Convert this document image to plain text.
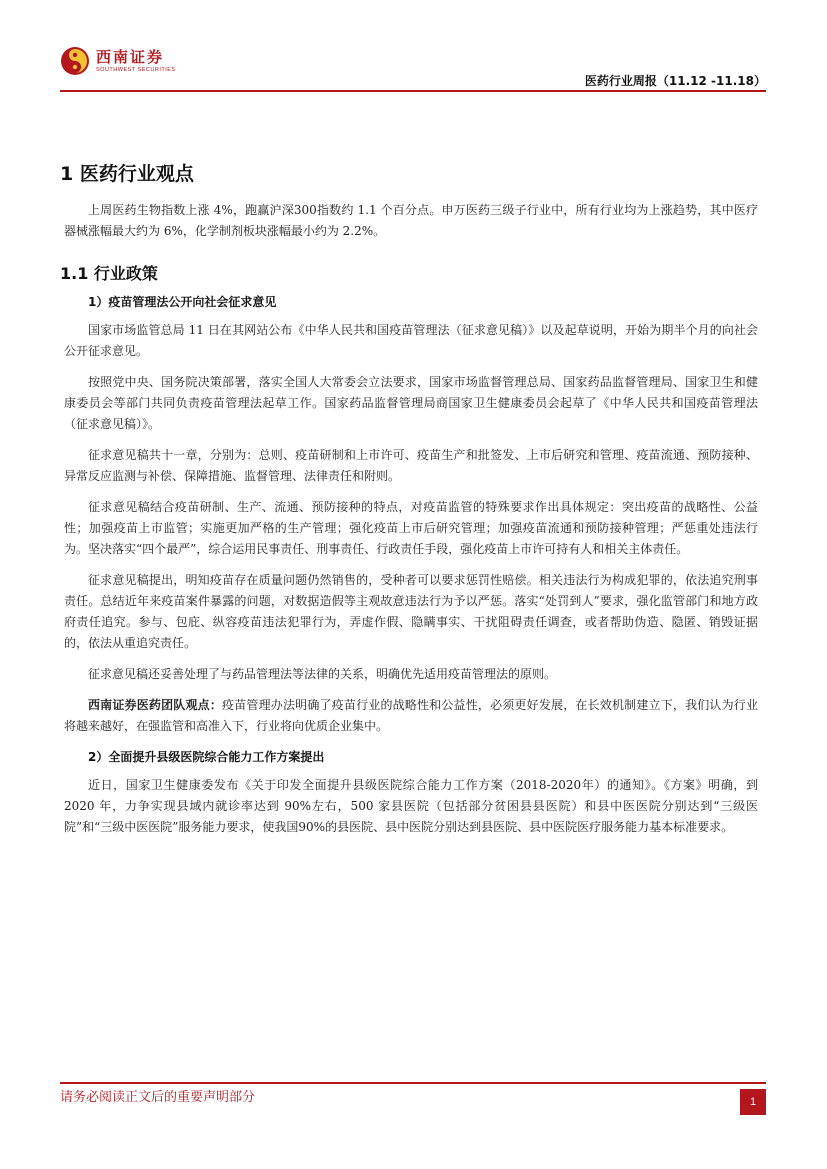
西南证券
SOUTHWEST SECURITIES
医药行业周报（11.12 -11.18）
1 医药行业观点

上周医药生物指数上涨 4%，跑赢沪深300指数约 1.1 个百分点。申万医药三级子行业中，所有行业均为上涨趋势，其中医疗器械涨幅最大约为 6%，化学制剂板块涨幅最小约为 2.2%。

1.1 行业政策
1）疫苗管理法公开向社会征求意见

国家市场监管总局 11 日在其网站公布《中华人民共和国疫苗管理法（征求意见稿）》以及起草说明，开始为期半个月的向社会公开征求意见。

按照党中央、国务院决策部署，落实全国人大常委会立法要求，国家市场监督管理总局、国家药品监督管理局、国家卫生和健康委员会等部门共同负责疫苗管理法起草工作。国家药品监督管理局商国家卫生健康委员会起草了《中华人民共和国疫苗管理法（征求意见稿）》。

征求意见稿共十一章，分别为：总则、疫苗研制和上市许可、疫苗生产和批签发、上市后研究和管理、疫苗流通、预防接种、异常反应监测与补偿、保障措施、监督管理、法律责任和附则。

征求意见稿结合疫苗研制、生产、流通、预防接种的特点，对疫苗监管的特殊要求作出具体规定：突出疫苗的战略性、公益性；加强疫苗上市监管；实施更加严格的生产管理；强化疫苗上市后研究管理；加强疫苗流通和预防接种管理；严惩重处违法行为。坚决落实“四个最严”，综合运用民事责任、刑事责任、行政责任手段，强化疫苗上市许可持有人和相关主体责任。

征求意见稿提出，明知疫苗存在质量问题仍然销售的，受种者可以要求惩罚性赔偿。相关违法行为构成犯罪的，依法追究刑事责任。总结近年来疫苗案件暴露的问题，对数据造假等主观故意违法行为予以严惩。落实“处罚到人”要求，强化监管部门和地方政府责任追究。参与、包庇、纵容疫苗违法犯罪行为，弄虚作假、隐瞒事实、干扰阻碍责任调查，或者帮助伪造、隐匿、销毁证据的，依法从重追究责任。

征求意见稿还妥善处理了与药品管理法等法律的关系，明确优先适用疫苗管理法的原则。

西南证券医药团队观点：疫苗管理办法明确了疫苗行业的战略性和公益性，必须更好发展，在长效机制建立下，我们认为行业将越来越好，在强监管和高准入下，行业将向优质企业集中。

2）全面提升县级医院综合能力工作方案提出

近日，国家卫生健康委发布《关于印发全面提升县级医院综合能力工作方案（2018-2020年）的通知》。《方案》明确，到 2020 年，力争实现县域内就诊率达到 90%左右，500 家县医院（包括部分贫困县县医院）和县中医医院分别达到“三级医院”和“三级中医医院”服务能力要求，使我国90%的县医院、县中医院分别达到县医院、县中医院医疗服务能力基本标准要求。

请务必阅读正文后的重要声明部分	1
